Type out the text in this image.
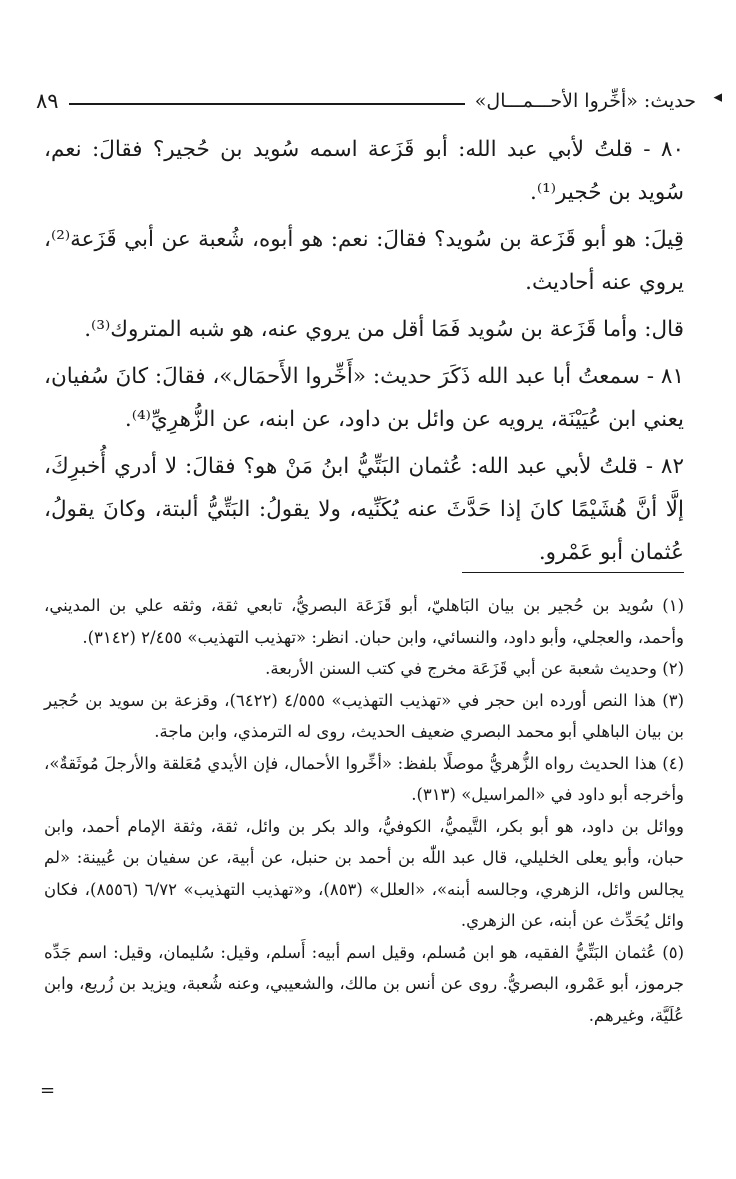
◂
حديث: «أخِّروا الأحـــمـــال»
٨٩

٨٠ - قلتُ لأبي عبد الله: أبو قَزَعة اسمه سُويد بن حُجير؟ فقالَ: نعم، سُويد بن حُجير⁽¹⁾.

قِيلَ: هو أبو قَزَعة بن سُويد؟ فقالَ: نعم: هو أبوه، شُعبة عن أبي قَزَعة⁽²⁾، يروي عنه أحاديث.

قال: وأما قَزَعة بن سُويد فَمَا أقل من يروي عنه، هو شبه المتروك⁽³⁾.

٨١ - سمعتُ أبا عبد الله ذَكَرَ حديث: «أَخِّروا الأَحمَال»، فقالَ: كانَ سُفيان، يعني ابن عُيَيْنَة، يرويه عن وائل بن داود، عن ابنه، عن الزُّهرِيِّ⁽⁴⁾.

٨٢ - قلتُ لأبي عبد الله: عُثمان البَتِّيُّ ابنُ مَنْ هو؟ فقالَ: لا أدري أُخبرِكَ، إلَّا أنَّ هُشَيْمًا كانَ إذا حَدَّثَ عنه يُكَنِّيه، ولا يقولُ: البَتِّيُّ ألبتة، وكانَ يقولُ، عُثمان أبو عَمْرو.

(١) سُويد بن حُجير بن بيان البَاهليّ، أبو قَزَعَة البصريُّ، تابعي ثقة، وثقه علي بن المديني، وأحمد، والعجلي، وأبو داود، والنسائي، وابن حبان. انظر: «تهذيب التهذيب» ٢/٤٥٥ (٣١٤٢).

(٢) وحديث شعبة عن أبي قَزَعَة مخرج في كتب السنن الأربعة.

(٣) هذا النص أورده ابن حجر في «تهذيب التهذيب» ٤/٥٥٥ (٦٤٢٢)، وقزعة بن سويد بن حُجير بن بيان الباهلي أبو محمد البصري ضعيف الحديث، روى له الترمذي، وابن ماجة.

(٤) هذا الحديث رواه الزُّهريُّ موصلًا بلفظ: «أخِّروا الأحمال، فإن الأيدي مُعَلقة والأرجلَ مُوثَقةٌ»، وأخرجه أبو داود في «المراسيل» (٣١٣).

ووائل بن داود، هو أبو بكر، التَّيميُّ، الكوفيُّ، والد بكر بن وائل، ثقة، وثقة الإمام أحمد، وابن حبان، وأبو يعلى الخليلي، قال عبد اللّٰه بن أحمد بن حنبل، عن أبية، عن سفيان بن عُيينة: «لم يجالس وائل، الزهري، وجالسه أبنه»، «العلل» (٨٥٣)، و«تهذيب التهذيب» ٦/٧٢ (٨٥٥٦)، فكان وائل يُحَدِّث عن أبنه، عن الزهري.

(٥) عُثمان البَتِّيُّ الفقيه، هو ابن مُسلم، وقيل اسم أبيه: أَسلم، وقيل: سُليمان، وقيل: اسم جَدِّه جرموز، أبو عَمْرو، البصريُّ. روى عن أنس بن مالك، والشعيبي، وعنه شُعبة، ويزيد بن زُريع، وابن عُلَيَّة، وغيرهم.

=
